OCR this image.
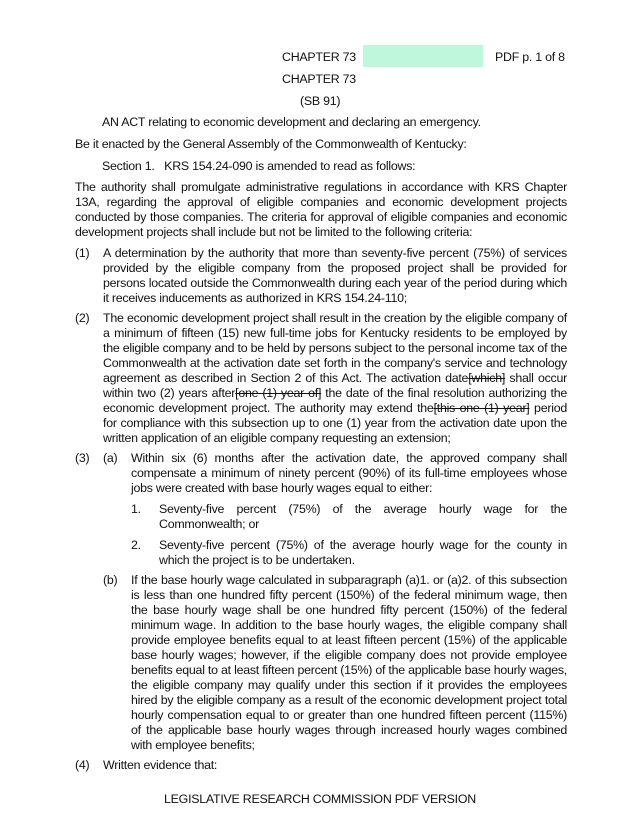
CHAPTER 73	PDF p. 1 of 8
CHAPTER 73
(SB 91)
AN ACT relating to economic development and declaring an emergency.
Be it enacted by the General Assembly of the Commonwealth of Kentucky:
Section 1.   KRS 154.24-090 is amended to read as follows:
The authority shall promulgate administrative regulations in accordance with KRS Chapter 13A, regarding the approval of eligible companies and economic development projects conducted by those companies. The criteria for approval of eligible companies and economic development projects shall include but not be limited to the following criteria:
(1) A determination by the authority that more than seventy-five percent (75%) of services provided by the eligible company from the proposed project shall be provided for persons located outside the Commonwealth during each year of the period during which it receives inducements as authorized in KRS 154.24-110;
(2) The economic development project shall result in the creation by the eligible company of a minimum of fifteen (15) new full-time jobs for Kentucky residents to be employed by the eligible company and to be held by persons subject to the personal income tax of the Commonwealth at the activation date set forth in the company's service and technology agreement as described in Section 2 of this Act. The activation date[which] shall occur within two (2) years after[one (1) year of] the date of the final resolution authorizing the economic development project. The authority may extend the[this one (1) year] period for compliance with this subsection up to one (1) year from the activation date upon the written application of an eligible company requesting an extension;
(3) (a) Within six (6) months after the activation date, the approved company shall compensate a minimum of ninety percent (90%) of its full-time employees whose jobs were created with base hourly wages equal to either:
1. Seventy-five percent (75%) of the average hourly wage for the Commonwealth; or
2. Seventy-five percent (75%) of the average hourly wage for the county in which the project is to be undertaken.
(b) If the base hourly wage calculated in subparagraph (a)1. or (a)2. of this subsection is less than one hundred fifty percent (150%) of the federal minimum wage, then the base hourly wage shall be one hundred fifty percent (150%) of the federal minimum wage. In addition to the base hourly wages, the eligible company shall provide employee benefits equal to at least fifteen percent (15%) of the applicable base hourly wages; however, if the eligible company does not provide employee benefits equal to at least fifteen percent (15%) of the applicable base hourly wages, the eligible company may qualify under this section if it provides the employees hired by the eligible company as a result of the economic development project total hourly compensation equal to or greater than one hundred fifteen percent (115%) of the applicable base hourly wages through increased hourly wages combined with employee benefits;
(4) Written evidence that:
LEGISLATIVE RESEARCH COMMISSION PDF VERSION
